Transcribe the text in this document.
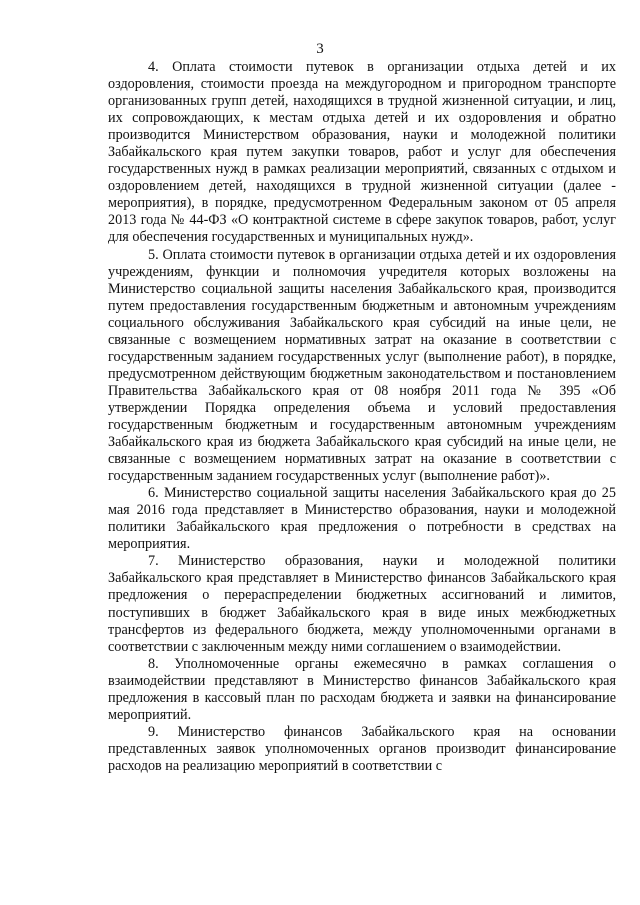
3

4. Оплата стоимости путевок в организации отдыха детей и их оздоровления, стоимости проезда на междугородном и пригородном транспорте организованных групп детей, находящихся в трудной жизненной ситуации, и лиц, их сопровождающих, к местам отдыха детей и их оздоровления и обратно производится Министерством образования, науки и молодежной политики Забайкальского края путем закупки товаров, работ и услуг для обеспечения государственных нужд в рамках реализации мероприятий, связанных с отдыхом и оздоровлением детей, находящихся в трудной жизненной ситуации (далее - мероприятия), в порядке, предусмотренном Федеральным законом от 05 апреля 2013 года № 44-ФЗ «О контрактной системе в сфере закупок товаров, работ, услуг для обеспечения государственных и муниципальных нужд».

5. Оплата стоимости путевок в организации отдыха детей и их оздоровления учреждениям, функции и полномочия учредителя которых возложены на Министерство социальной защиты населения Забайкальского края, производится путем предоставления государственным бюджетным и автономным учреждениям социального обслуживания Забайкальского края субсидий на иные цели, не связанные с возмещением нормативных затрат на оказание в соответствии с государственным заданием государственных услуг (выполнение работ), в порядке, предусмотренном действующим бюджетным законодательством и постановлением Правительства Забайкальского края от 08 ноября 2011 года № 395 «Об утверждении Порядка определения объема и условий предоставления государственным бюджетным и государственным автономным учреждениям Забайкальского края из бюджета Забайкальского края субсидий на иные цели, не связанные с возмещением нормативных затрат на оказание в соответствии с государственным заданием государственных услуг (выполнение работ)».

6. Министерство социальной защиты населения Забайкальского края до 25 мая 2016 года представляет в Министерство образования, науки и молодежной политики Забайкальского края предложения о потребности в средствах на мероприятия.

7. Министерство образования, науки и молодежной политики Забайкальского края представляет в Министерство финансов Забайкальского края предложения о перераспределении бюджетных ассигнований и лимитов, поступивших в бюджет Забайкальского края в виде иных межбюджетных трансфертов из федерального бюджета, между уполномоченными органами в соответствии с заключенным между ними соглашением о взаимодействии.

8. Уполномоченные органы ежемесячно в рамках соглашения о взаимодействии представляют в Министерство финансов Забайкальского края предложения в кассовый план по расходам бюджета и заявки на финансирование мероприятий.

9. Министерство финансов Забайкальского края на основании представленных заявок уполномоченных органов производит финансирование расходов на реализацию мероприятий в соответствии с
